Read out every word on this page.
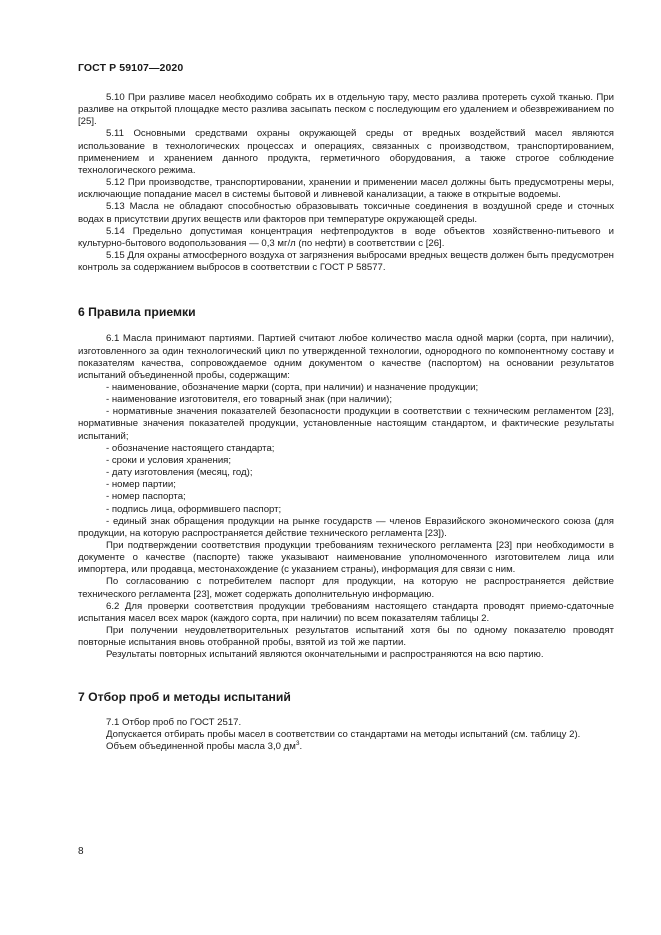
ГОСТ Р 59107—2020

5.10 При разливе масел необходимо собрать их в отдельную тару, место разлива протереть сухой тканью. При разливе на открытой площадке место разлива засыпать песком с последующим его удалением и обезвреживанием по [25].

5.11 Основными средствами охраны окружающей среды от вредных воздействий масел являются использование в технологических процессах и операциях, связанных с производством, транспортированием, применением и хранением данного продукта, герметичного оборудования, а также строгое соблюдение технологического режима.

5.12 При производстве, транспортировании, хранении и применении масел должны быть предусмотрены меры, исключающие попадание масел в системы бытовой и ливневой канализации, а также в открытые водоемы.

5.13 Масла не обладают способностью образовывать токсичные соединения в воздушной среде и сточных водах в присутствии других веществ или факторов при температуре окружающей среды.

5.14 Предельно допустимая концентрация нефтепродуктов в воде объектов хозяйственно-питьевого и культурно-бытового водопользования — 0,3 мг/л (по нефти) в соответствии с [26].

5.15 Для охраны атмосферного воздуха от загрязнения выбросами вредных веществ должен быть предусмотрен контроль за содержанием выбросов в соответствии с ГОСТ Р 58577.

6 Правила приемки

6.1 Масла принимают партиями. Партией считают любое количество масла одной марки (сорта, при наличии), изготовленного за один технологический цикл по утвержденной технологии, однородного по компонентному составу и показателям качества, сопровождаемое одним документом о качестве (паспортом) на основании результатов испытаний объединенной пробы, содержащим:

- наименование, обозначение марки (сорта, при наличии) и назначение продукции;

- наименование изготовителя, его товарный знак (при наличии);

- нормативные значения показателей безопасности продукции в соответствии с техническим регламентом [23], нормативные значения показателей продукции, установленные настоящим стандартом, и фактические результаты испытаний;

- обозначение настоящего стандарта;

- сроки и условия хранения;

- дату изготовления (месяц, год);

- номер партии;

- номер паспорта;

- подпись лица, оформившего паспорт;

- единый знак обращения продукции на рынке государств — членов Евразийского экономического союза (для продукции, на которую распространяется действие технического регламента [23]).

При подтверждении соответствия продукции требованиям технического регламента [23] при необходимости в документе о качестве (паспорте) также указывают наименование уполномоченного изготовителем лица или импортера, или продавца, местонахождение (с указанием страны), информация для связи с ним.

По согласованию с потребителем паспорт для продукции, на которую не распространяется действие технического регламента [23], может содержать дополнительную информацию.

6.2 Для проверки соответствия продукции требованиям настоящего стандарта проводят приемо-сдаточные испытания масел всех марок (каждого сорта, при наличии) по всем показателям таблицы 2.

При получении неудовлетворительных результатов испытаний хотя бы по одному показателю проводят повторные испытания вновь отобранной пробы, взятой из той же партии.

Результаты повторных испытаний являются окончательными и распространяются на всю партию.

7 Отбор проб и методы испытаний

7.1 Отбор проб по ГОСТ 2517.

Допускается отбирать пробы масел в соответствии со стандартами на методы испытаний (см. таблицу 2).

Объем объединенной пробы масла 3,0 $дм^3$.

8
